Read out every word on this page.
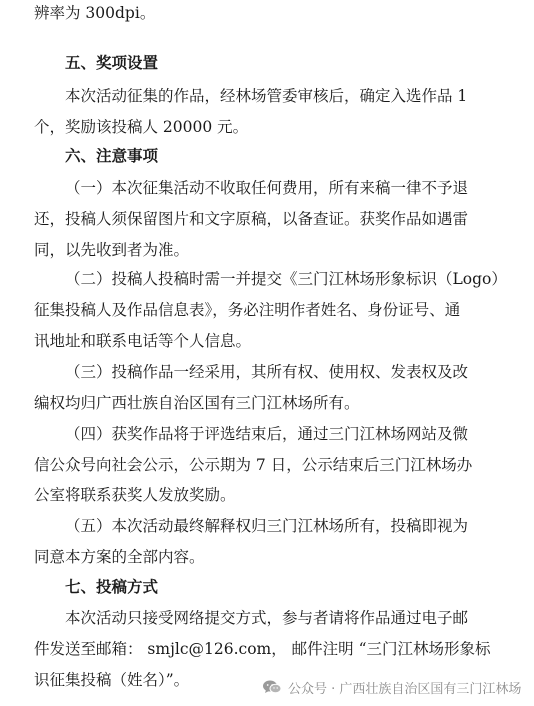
辨率为 300dpi。
五、奖项设置
本次活动征集的作品，经林场管委审核后，确定入选作品 1
个，奖励该投稿人 20000 元。
六、注意事项
（一）本次征集活动不收取任何费用，所有来稿一律不予退
还，投稿人须保留图片和文字原稿，以备查证。获奖作品如遇雷
同，以先收到者为准。
（二）投稿人投稿时需一并提交《三门江林场形象标识（Logo）
征集投稿人及作品信息表》，务必注明作者姓名、身份证号、通
讯地址和联系电话等个人信息。
（三）投稿作品一经采用，其所有权、使用权、发表权及改
编权均归广西壮族自治区国有三门江林场所有。
（四）获奖作品将于评选结束后，通过三门江林场网站及微
信公众号向社会公示，公示期为 7 日，公示结束后三门江林场办
公室将联系获奖人发放奖励。
（五）本次活动最终解释权归三门江林场所有，投稿即视为
同意本方案的全部内容。
七、投稿方式
本次活动只接受网络提交方式，参与者请将作品通过电子邮
件发送至邮箱： smjlc@126.com， 邮件注明 “三门江林场形象标
识征集投稿（姓名）”。	公众号 · 广西壮族自治区国有三门江林场
